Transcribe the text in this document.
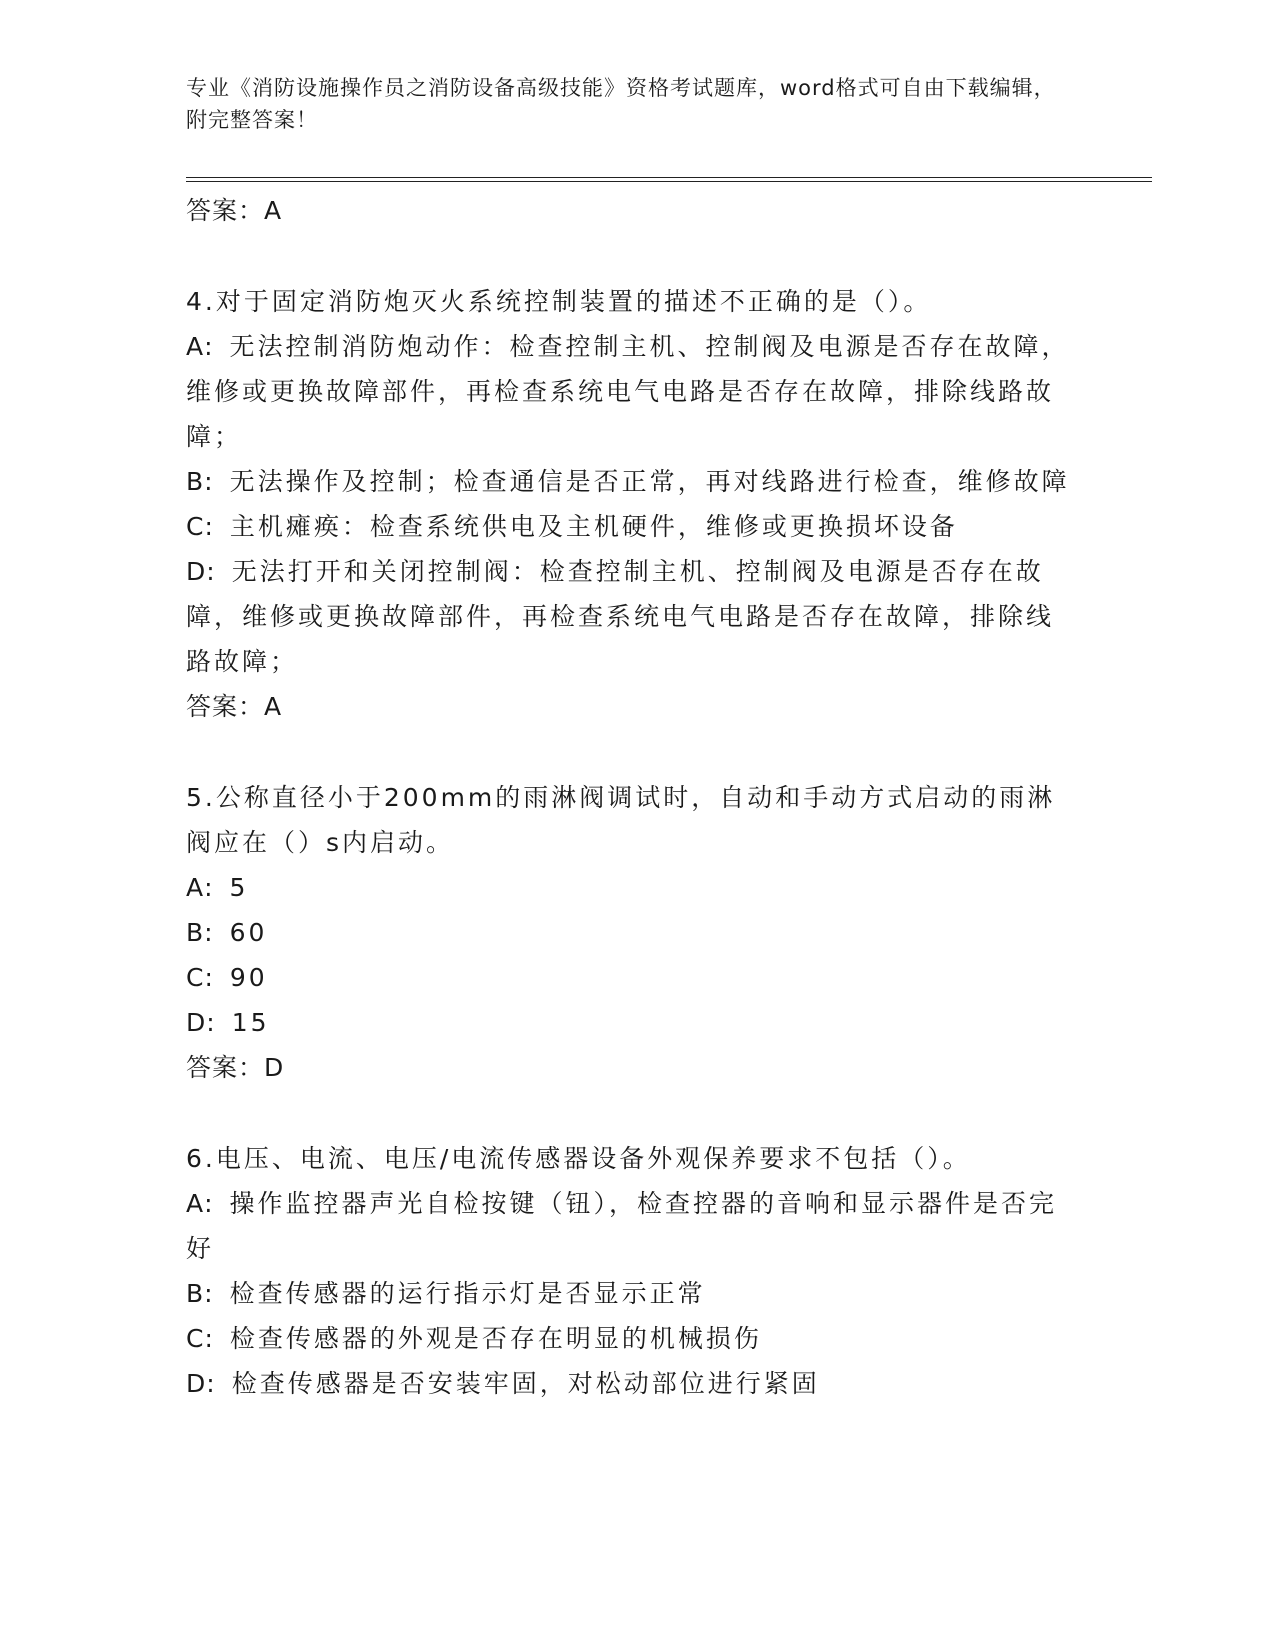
专业《消防设施操作员之消防设备高级技能》资格考试题库，word格式可自由下载编辑，附完整答案！
答案：A
4.对于固定消防炮灭火系统控制装置的描述不正确的是（）。
A: 无法控制消防炮动作：检查控制主机、控制阀及电源是否存在故障，维修或更换故障部件，再检查系统电气电路是否存在故障，排除线路故障；
B: 无法操作及控制；检查通信是否正常，再对线路进行检查，维修故障
C: 主机瘫痪：检查系统供电及主机硬件，维修或更换损坏设备
D: 无法打开和关闭控制阀：检查控制主机、控制阀及电源是否存在故障，维修或更换故障部件，再检查系统电气电路是否存在故障，排除线路故障；
答案：A
5.公称直径小于200mm的雨淋阀调试时，自动和手动方式启动的雨淋阀应在（）s内启动。
A: 5
B: 60
C: 90
D: 15
答案：D
6.电压、电流、电压/电流传感器设备外观保养要求不包括（）。
A: 操作监控器声光自检按键（钮），检查控器的音响和显示器件是否完好
B: 检查传感器的运行指示灯是否显示正常
C: 检查传感器的外观是否存在明显的机械损伤
D: 检查传感器是否安装牢固，对松动部位进行紧固
